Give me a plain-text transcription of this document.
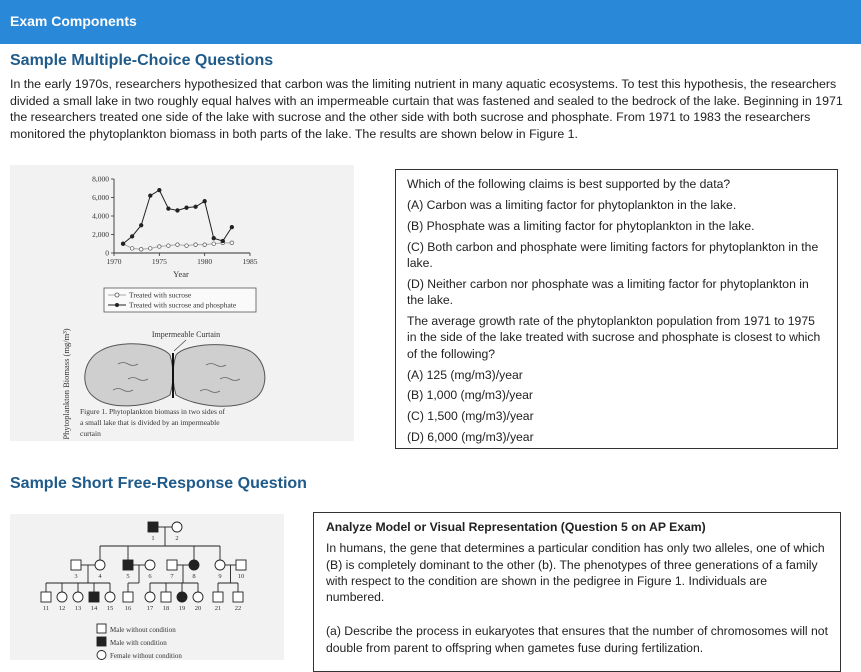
Exam Components
Sample Multiple-Choice Questions
In the early 1970s, researchers hypothesized that carbon was the limiting nutrient in many aquatic ecosystems. To test this hypothesis, the researchers divided a small lake in two roughly equal halves with an impermeable curtain that was fastened and sealed to the bedrock of the lake. Beginning in 1971 the researchers treated one side of the lake with sucrose and the other side with both sucrose and phosphate. From 1971 to 1983 the researchers monitored the phytoplankton biomass in both parts of the lake. The results are shown below in Figure 1.
Phytoplankton Biomass (mg/m³)
0
2,000
4,000
6,000
8,000
1970	1975	1980	1985
Year
Treated with sucrose
Treated with sucrose and phosphate
Impermeable Curtain
Figure 1. Phytoplankton biomass in two sides of
a small lake that is divided by an impermeable
curtain

Which of the following claims is best supported by the data?

(A) Carbon was a limiting factor for phytoplankton in the lake.

(B) Phosphate was a limiting factor for phytoplankton in the lake.

(C) Both carbon and phosphate were limiting factors for phytoplankton in the lake.

(D) Neither carbon nor phosphate was a limiting factor for phytoplankton in the lake.

The average growth rate of the phytoplankton population from 1971 to 1975 in the side of the lake treated with sucrose and phosphate is closest to which of the following?

(A) 125 (mg/m3)/year

(B) 1,000 (mg/m3)/year

(C) 1,500 (mg/m3)/year

(D) 6,000 (mg/m3)/year

Sample Short Free-Response Question
1	2
3	4	5	6	7	8	9 10
11 12 13 14 15 16 17 18 19 20 21 22
Male without condition
Male with condition
Female without condition

Analyze Model or Visual Representation (Question 5 on AP Exam)

In humans, the gene that determines a particular condition has only two alleles, one of which (B) is completely dominant to the other (b). The phenotypes of three generations of a family with respect to the condition are shown in the pedigree in Figure 1. Individuals are numbered.

(a) Describe the process in eukaryotes that ensures that the number of chromosomes will not double from parent to offspring when gametes fuse during fertilization.
